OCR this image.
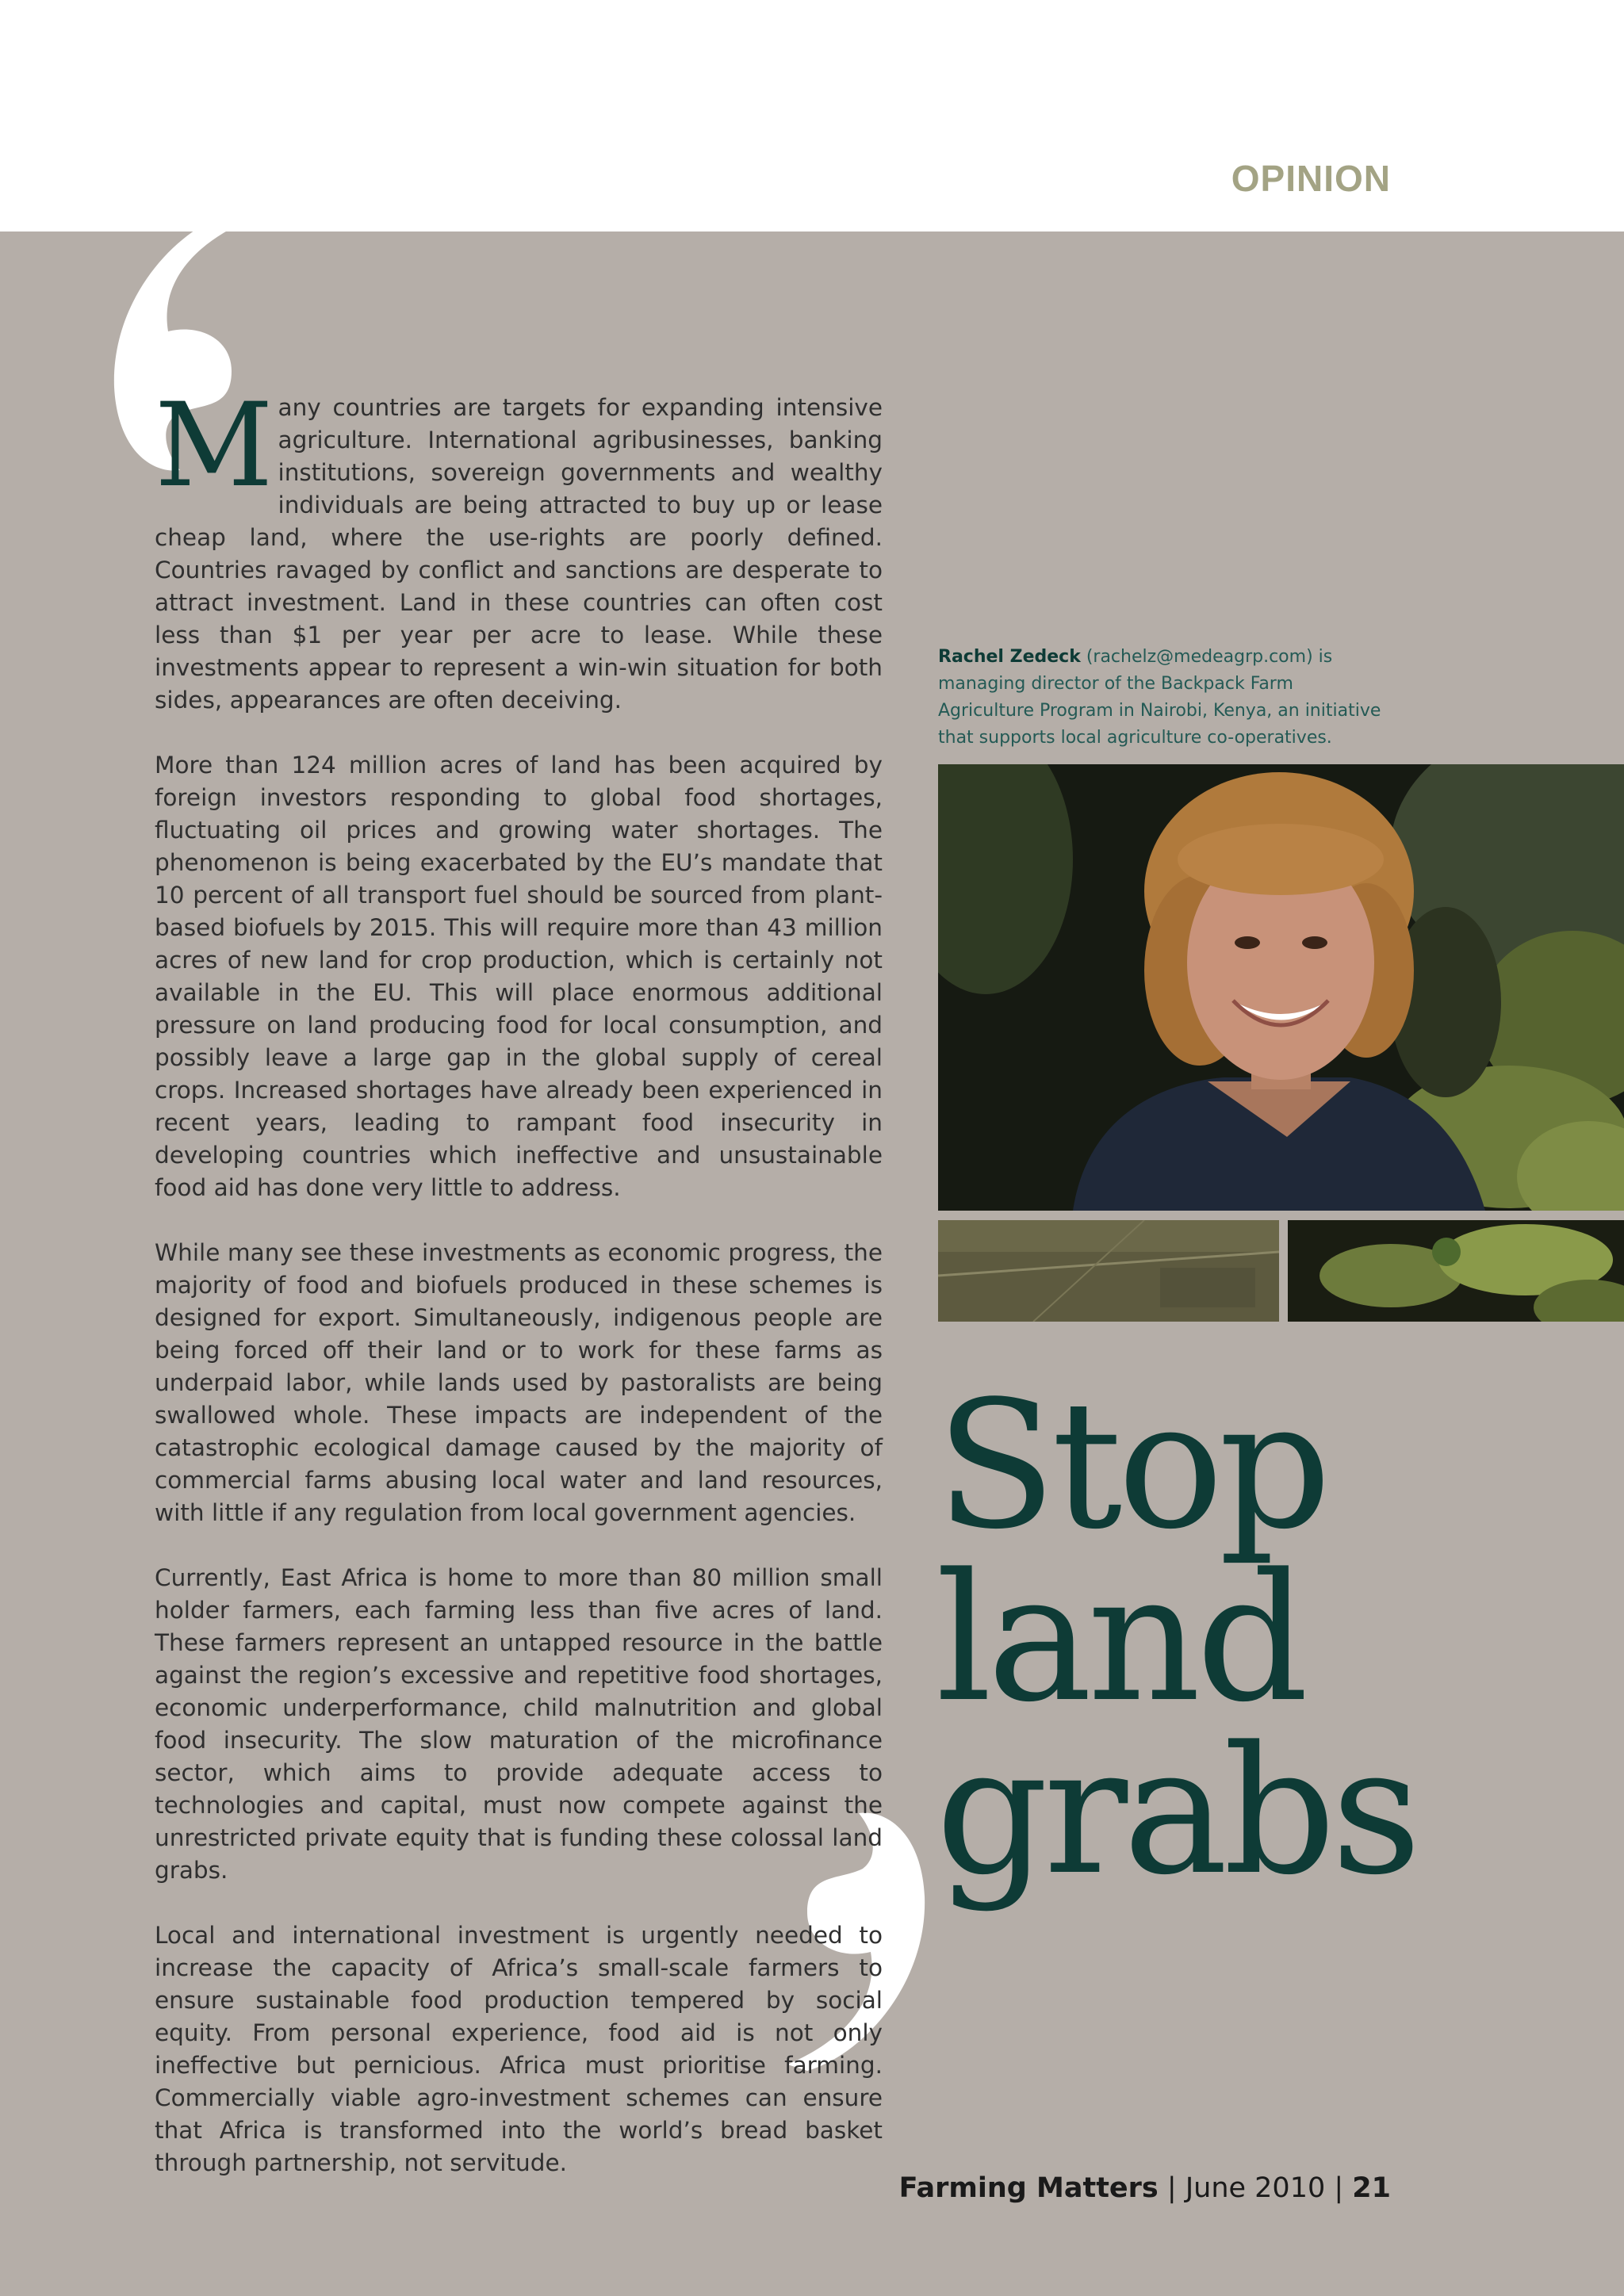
OPINION

Many countries are targets for expanding intensive agriculture. International agribusinesses, banking institutions, sovereign governments and wealthy individuals are being attracted to buy up or lease cheap land, where the use-rights are poorly defined. Countries ravaged by conflict and sanctions are desperate to attract investment. Land in these countries can often cost less than $1 per year per acre to lease. While these investments appear to represent a win-win situation for both sides, appearances are often deceiving.

More than 124 million acres of land has been acquired by foreign investors responding to global food shortages, fluctuating oil prices and growing water shortages. The phenomenon is being exacerbated by the EU’s mandate that 10 percent of all transport fuel should be sourced from plant-based biofuels by 2015. This will require more than 43 million acres of new land for crop production, which is certainly not available in the EU. This will place enormous additional pressure on land producing food for local consumption, and possibly leave a large gap in the global supply of cereal crops. Increased shortages have already been experienced in recent years, leading to rampant food insecurity in developing countries which ineffective and unsustainable food aid has done very little to address.

While many see these investments as economic progress, the majority of food and biofuels produced in these schemes is designed for export. Simultaneously, indigenous people are being forced off their land or to work for these farms as underpaid labor, while lands used by pastoralists are being swallowed whole. These impacts are independent of the catastrophic ecological damage caused by the majority of commercial farms abusing local water and land resources, with little if any regulation from local government agencies.

Currently, East Africa is home to more than 80 million small holder farmers, each farming less than five acres of land. These farmers represent an untapped resource in the battle against the region’s excessive and repetitive food shortages, economic underperformance, child malnutrition and global food insecurity. The slow maturation of the microfinance sector, which aims to provide adequate access to technologies and capital, must now compete against the unrestricted private equity that is funding these colossal land grabs.

Local and international investment is urgently needed to increase the capacity of Africa’s small-scale farmers to ensure sustainable food production tempered by social equity. From personal experience, food aid is not only ineffective but pernicious. Africa must prioritise farming. Commercially viable agro-investment schemes can ensure that Africa is transformed into the world’s bread basket through partnership, not servitude.

Rachel Zedeck (rachelz@medeagrp.com) is managing director of the Backpack Farm Agriculture Program in Nairobi, Kenya, an initiative that supports local agriculture co-operatives.
Stop
land
grabs
Farming Matters | June 2010 | 21
